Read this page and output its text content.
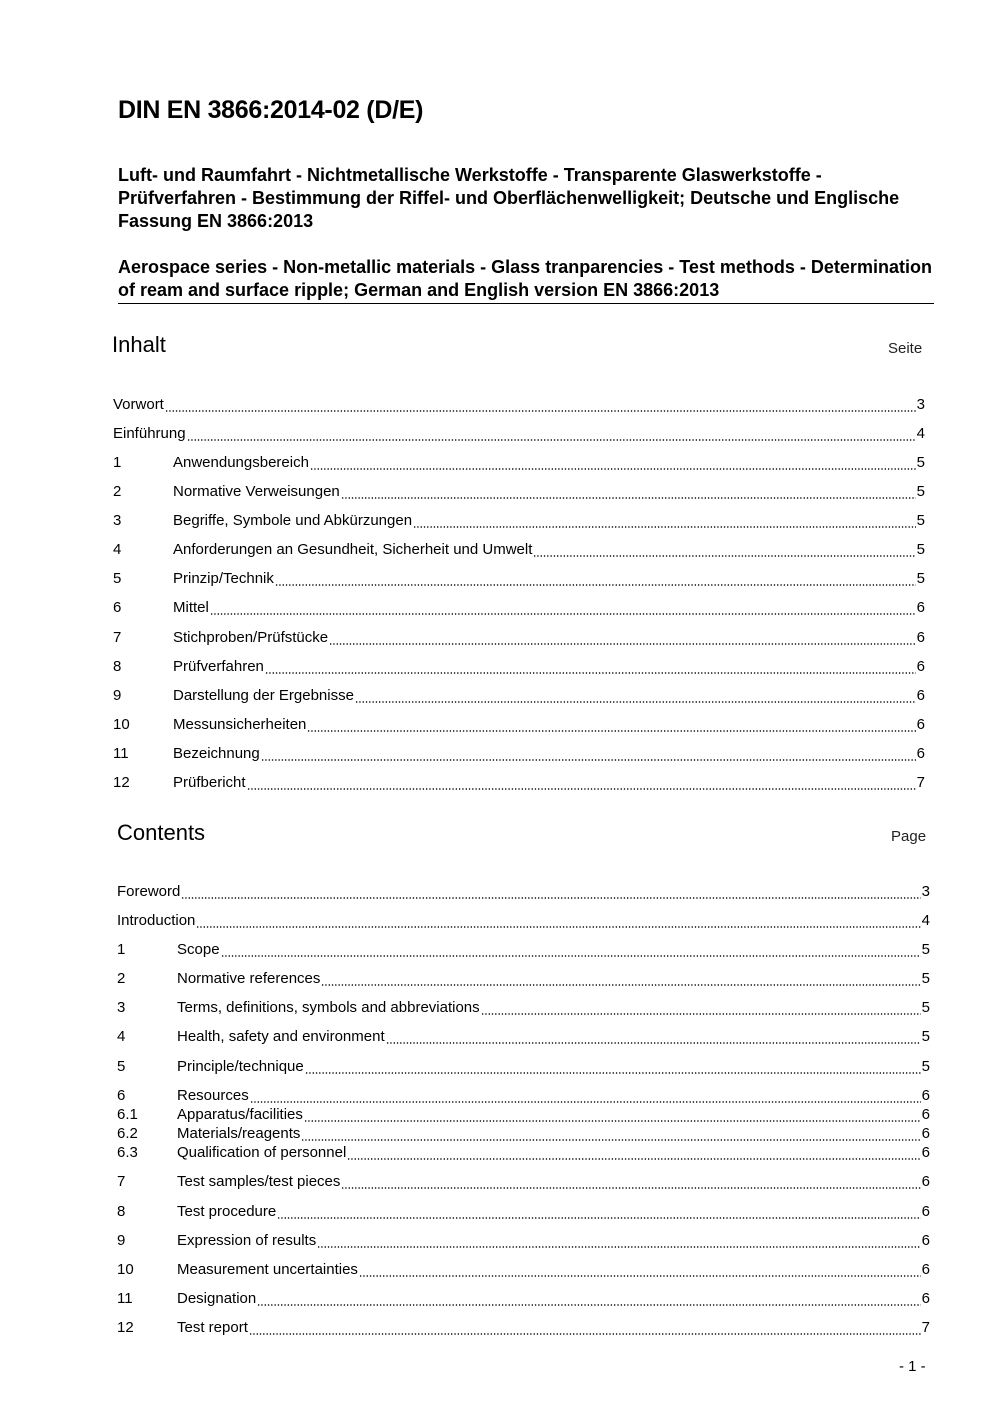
DIN EN 3866:2014-02 (D/E)
Luft- und Raumfahrt - Nichtmetallische Werkstoffe - Transparente Glaswerkstoffe - Prüfverfahren - Bestimmung der Riffel- und Oberflächenwelligkeit; Deutsche und Englische Fassung EN 3866:2013
Aerospace series - Non-metallic materials - Glass tranparencies - Test methods - Determination of ream and surface ripple; German and English version EN 3866:2013
Inhalt	Seite
Vorwort	3
Einführung	4
1	Anwendungsbereich	5
2	Normative Verweisungen	5
3	Begriffe, Symbole und Abkürzungen	5
4	Anforderungen an Gesundheit, Sicherheit und Umwelt	5
5	Prinzip/Technik	5
6	Mittel	6
7	Stichproben/Prüfstücke	6
8	Prüfverfahren	6
9	Darstellung der Ergebnisse	6
10	Messunsicherheiten	6
11	Bezeichnung	6
12	Prüfbericht	7
Contents	Page
Foreword	3
Introduction	4
1	Scope	5
2	Normative references	5
3	Terms, definitions, symbols and abbreviations	5
4	Health, safety and environment	5
5	Principle/technique	5
6	Resources	6
6.1	Apparatus/facilities	6
6.2	Materials/reagents	6
6.3	Qualification of personnel	6
7	Test samples/test pieces	6
8	Test procedure	6
9	Expression of results	6
10	Measurement uncertainties	6
11	Designation	6
12	Test report	7
- 1 -
